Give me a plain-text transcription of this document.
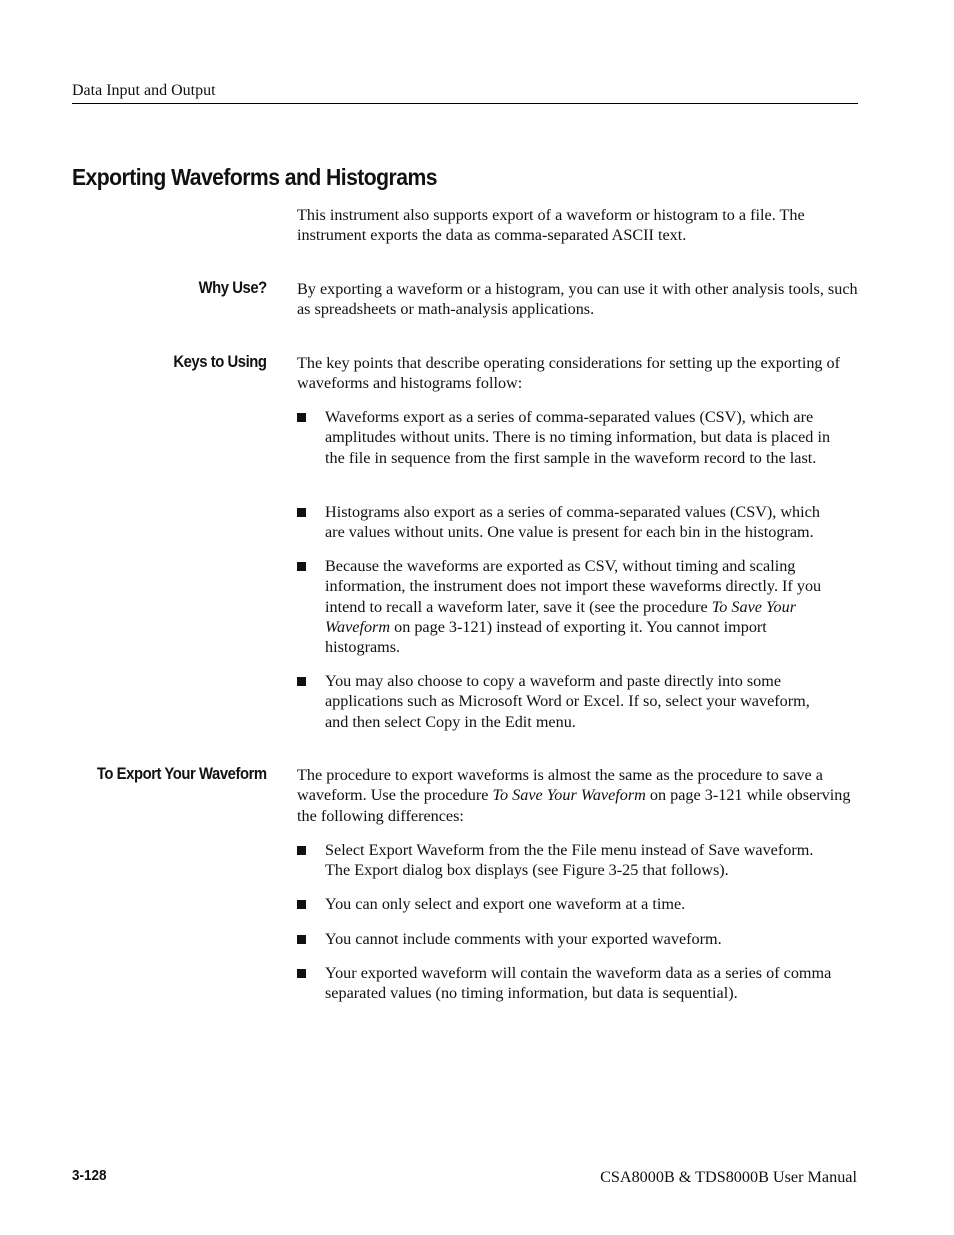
Data Input and Output
Exporting Waveforms and Histograms

This instrument also supports export of a waveform or histogram to a file. The instrument exports the data as comma-separated ASCII text.

Why Use? By exporting a waveform or a histogram, you can use it with other analysis tools, such as spreadsheets or math-analysis applications.

Keys to Using The key points that describe operating considerations for setting up the exporting of waveforms and histograms follow:

Waveforms export as a series of comma-separated values (CSV), which are amplitudes without units. There is no timing information, but data is placed in the file in sequence from the first sample in the waveform record to the last.
Histograms also export as a series of comma-separated values (CSV), which are values without units. One value is present for each bin in the histogram.
Because the waveforms are exported as CSV, without timing and scaling information, the instrument does not import these waveforms directly. If you intend to recall a waveform later, save it (see the procedure To Save Your Waveform on page 3-121) instead of exporting it. You cannot import histograms.
You may also choose to copy a waveform and paste directly into some applications such as Microsoft Word or Excel. If so, select your waveform, and then select Copy in the Edit menu.
To Export Your Waveform The procedure to export waveforms is almost the same as the procedure to save a waveform. Use the procedure To Save Your Waveform on page 3-121 while observing the following differences:

Select Export Waveform from the the File menu instead of Save waveform. The Export dialog box displays (see Figure 3-25 that follows).
You can only select and export one waveform at a time.
You cannot include comments with your exported waveform.
Your exported waveform will contain the waveform data as a series of comma separated values (no timing information, but data is sequential).
3-128	CSA8000B & TDS8000B User Manual
